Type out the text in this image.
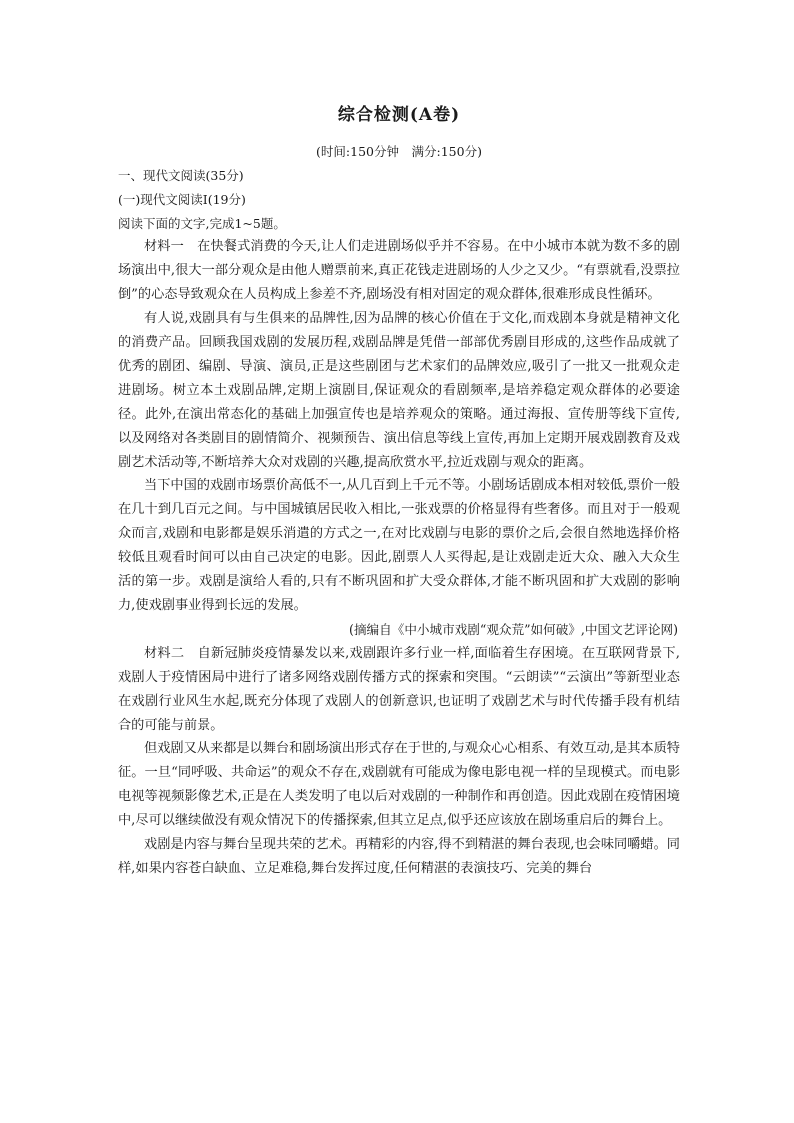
综合检测(A卷)

(时间:150分钟　满分:150分)

一、现代文阅读(35分)

(一)现代文阅读Ⅰ(19分)

阅读下面的文字,完成1~5题。

材料一　在快餐式消费的今天,让人们走进剧场似乎并不容易。在中小城市本就为数不多的剧场演出中,很大一部分观众是由他人赠票前来,真正花钱走进剧场的人少之又少。“有票就看,没票拉倒”的心态导致观众在人员构成上参差不齐,剧场没有相对固定的观众群体,很难形成良性循环。

有人说,戏剧具有与生俱来的品牌性,因为品牌的核心价值在于文化,而戏剧本身就是精神文化的消费产品。回顾我国戏剧的发展历程,戏剧品牌是凭借一部部优秀剧目形成的,这些作品成就了优秀的剧团、编剧、导演、演员,正是这些剧团与艺术家们的品牌效应,吸引了一批又一批观众走进剧场。树立本土戏剧品牌,定期上演剧目,保证观众的看剧频率,是培养稳定观众群体的必要途径。此外,在演出常态化的基础上加强宣传也是培养观众的策略。通过海报、宣传册等线下宣传,以及网络对各类剧目的剧情简介、视频预告、演出信息等线上宣传,再加上定期开展戏剧教育及戏剧艺术活动等,不断培养大众对戏剧的兴趣,提高欣赏水平,拉近戏剧与观众的距离。

当下中国的戏剧市场票价高低不一,从几百到上千元不等。小剧场话剧成本相对较低,票价一般在几十到几百元之间。与中国城镇居民收入相比,一张戏票的价格显得有些奢侈。而且对于一般观众而言,戏剧和电影都是娱乐消遣的方式之一,在对比戏剧与电影的票价之后,会很自然地选择价格较低且观看时间可以由自己决定的电影。因此,剧票人人买得起,是让戏剧走近大众、融入大众生活的第一步。戏剧是演给人看的,只有不断巩固和扩大受众群体,才能不断巩固和扩大戏剧的影响力,使戏剧事业得到长远的发展。

(摘编自《中小城市戏剧“观众荒”如何破》,中国文艺评论网)

材料二　自新冠肺炎疫情暴发以来,戏剧跟许多行业一样,面临着生存困境。在互联网背景下,戏剧人于疫情困局中进行了诸多网络戏剧传播方式的探索和突围。“云朗读”“云演出”等新型业态在戏剧行业风生水起,既充分体现了戏剧人的创新意识,也证明了戏剧艺术与时代传播手段有机结合的可能与前景。

但戏剧又从来都是以舞台和剧场演出形式存在于世的,与观众心心相系、有效互动,是其本质特征。一旦“同呼吸、共命运”的观众不存在,戏剧就有可能成为像电影电视一样的呈现模式。而电影电视等视频影像艺术,正是在人类发明了电以后对戏剧的一种制作和再创造。因此戏剧在疫情困境中,尽可以继续做没有观众情况下的传播探索,但其立足点,似乎还应该放在剧场重启后的舞台上。

戏剧是内容与舞台呈现共荣的艺术。再精彩的内容,得不到精湛的舞台表现,也会味同嚼蜡。同样,如果内容苍白缺血、立足难稳,舞台发挥过度,任何精湛的表演技巧、完美的舞台
